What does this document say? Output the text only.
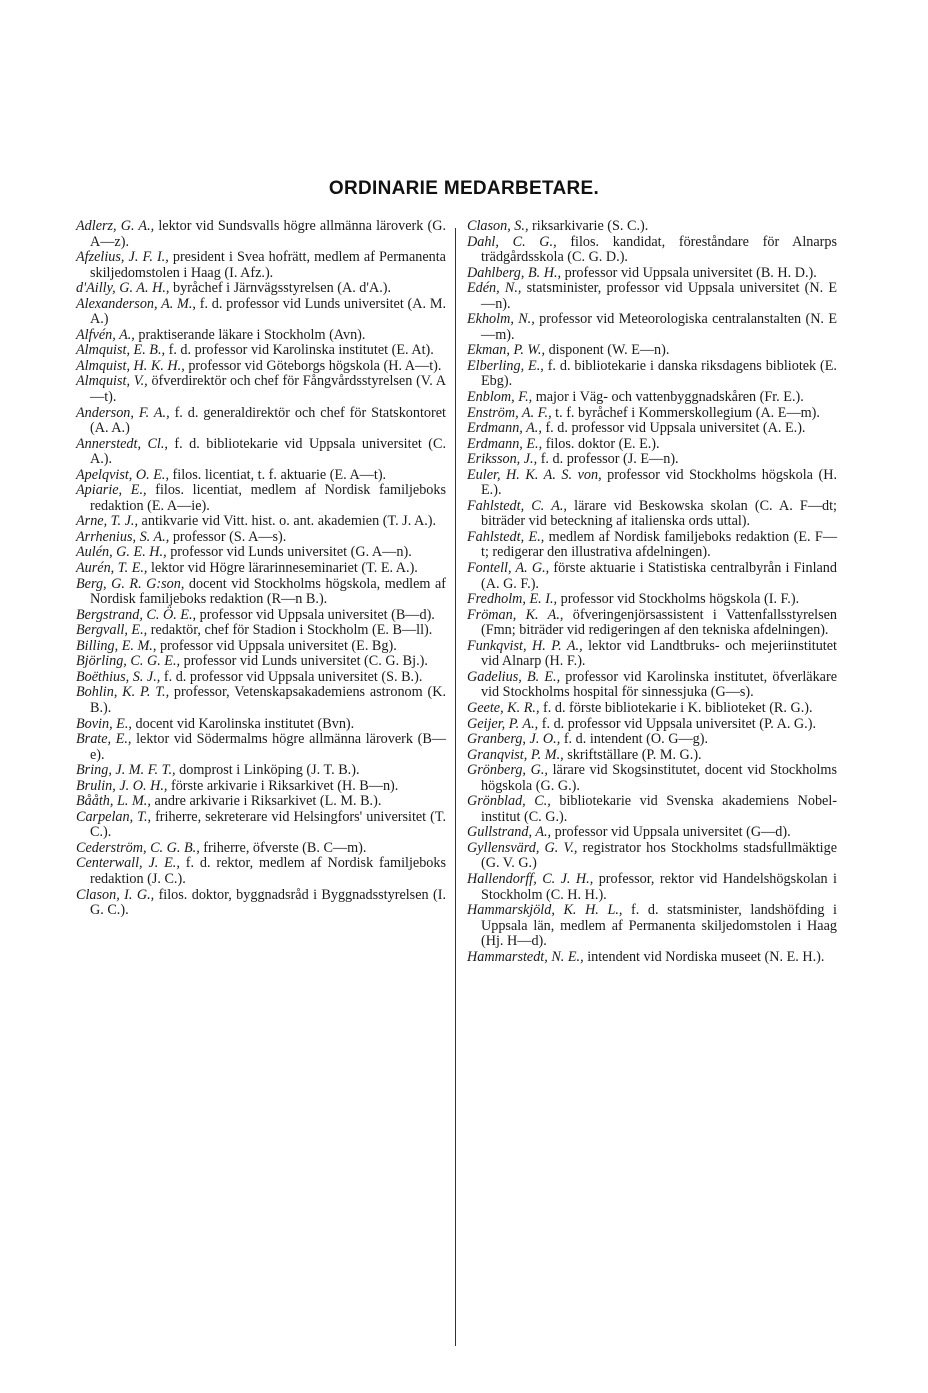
ORDINARIE MEDARBETARE.

Adlerz, G. A., lektor vid Sundsvalls högre allmänna läroverk (G. A—z).

Afzelius, J. F. I., president i Svea hofrätt, medlem af Permanenta skiljedomstolen i Haag (I. Afz.).

d'Ailly, G. A. H., byråchef i Järnvägsstyrelsen (A. d'A.).

Alexanderson, A. M., f. d. professor vid Lunds universitet (A. M. A.)

Alfvén, A., praktiserande läkare i Stockholm (Avn).

Almquist, E. B., f. d. professor vid Karolinska institutet (E. At).

Almquist, H. K. H., professor vid Göteborgs högskola (H. A—t).

Almquist, V., öfverdirektör och chef för Fångvårdsstyrelsen (V. A—t).

Anderson, F. A., f. d. generaldirektör och chef för Statskontoret (A. A.)

Annerstedt, Cl., f. d. bibliotekarie vid Uppsala universitet (C. A.).

Apelqvist, O. E., filos. licentiat, t. f. aktuarie (E. A—t).

Apiarie, E., filos. licentiat, medlem af Nordisk familjeboks redaktion (E. A—ie).

Arne, T. J., antikvarie vid Vitt. hist. o. ant. akademien (T. J. A.).

Arrhenius, S. A., professor (S. A—s).

Aulén, G. E. H., professor vid Lunds universitet (G. A—n).

Aurén, T. E., lektor vid Högre lärarinneseminariet (T. E. A.).

Berg, G. R. G:son, docent vid Stockholms högskola, medlem af Nordisk familjeboks redaktion (R—n B.).

Bergstrand, C. Ö. E., professor vid Uppsala universitet (B—d).

Bergvall, E., redaktör, chef för Stadion i Stockholm (E. B—ll).

Billing, E. M., professor vid Uppsala universitet (E. Bg).

Björling, C. G. E., professor vid Lunds universitet (C. G. Bj.).

Boëthius, S. J., f. d. professor vid Uppsala universitet (S. B.).

Bohlin, K. P. T., professor, Vetenskapsakademiens astronom (K. B.).

Bovin, E., docent vid Karolinska institutet (Bvn).

Brate, E., lektor vid Södermalms högre allmänna läroverk (B—e).

Bring, J. M. F. T., domprost i Linköping (J. T. B.).

Brulin, J. O. H., förste arkivarie i Riksarkivet (H. B—n).

Bååth, L. M., andre arkivarie i Riksarkivet (L. M. B.).

Carpelan, T., friherre, sekreterare vid Helsingfors' universitet (T. C.).

Cederström, C. G. B., friherre, öfverste (B. C—m).

Centerwall, J. E., f. d. rektor, medlem af Nordisk familjeboks redaktion (J. C.).

Clason, I. G., filos. doktor, byggnadsråd i Byggnadsstyrelsen (I. G. C.).

Clason, S., riksarkivarie (S. C.).

Dahl, C. G., filos. kandidat, föreståndare för Alnarps trädgårdsskola (C. G. D.).

Dahlberg, B. H., professor vid Uppsala universitet (B. H. D.).

Edén, N., statsminister, professor vid Uppsala universitet (N. E—n).

Ekholm, N., professor vid Meteorologiska centralanstalten (N. E—m).

Ekman, P. W., disponent (W. E—n).

Elberling, E., f. d. bibliotekarie i danska riksdagens bibliotek (E. Ebg).

Enblom, F., major i Väg- och vattenbyggnadskåren (Fr. E.).

Enström, A. F., t. f. byråchef i Kommerskollegium (A. E—m).

Erdmann, A., f. d. professor vid Uppsala universitet (A. E.).

Erdmann, E., filos. doktor (E. E.).

Eriksson, J., f. d. professor (J. E—n).

Euler, H. K. A. S. von, professor vid Stockholms högskola (H. E.).

Fahlstedt, C. A., lärare vid Beskowska skolan (C. A. F—dt; biträder vid beteckning af italienska ords uttal).

Fahlstedt, E., medlem af Nordisk familjeboks redaktion (E. F—t; redigerar den illustrativa afdelningen).

Fontell, A. G., förste aktuarie i Statistiska centralbyrån i Finland (A. G. F.).

Fredholm, E. I., professor vid Stockholms högskola (I. F.).

Fröman, K. A., öfveringenjörsassistent i Vattenfallsstyrelsen (Fmn; biträder vid redigeringen af den tekniska afdelningen).

Funkqvist, H. P. A., lektor vid Landtbruks- och mejeriinstitutet vid Alnarp (H. F.).

Gadelius, B. E., professor vid Karolinska institutet, öfverläkare vid Stockholms hospital för sinnessjuka (G—s).

Geete, K. R., f. d. förste bibliotekarie i K. biblioteket (R. G.).

Geijer, P. A., f. d. professor vid Uppsala universitet (P. A. G.).

Granberg, J. O., f. d. intendent (O. G—g).

Granqvist, P. M., skriftställare (P. M. G.).

Grönberg, G., lärare vid Skogsinstitutet, docent vid Stockholms högskola (G. G.).

Grönblad, C., bibliotekarie vid Svenska akademiens Nobel-institut (C. G.).

Gullstrand, A., professor vid Uppsala universitet (G—d).

Gyllensvärd, G. V., registrator hos Stockholms stadsfullmäktige (G. V. G.)

Hallendorff, C. J. H., professor, rektor vid Handelshögskolan i Stockholm (C. H. H.).

Hammarskjöld, K. H. L., f. d. statsminister, landshöfding i Uppsala län, medlem af Permanenta skiljedomstolen i Haag (Hj. H—d).

Hammarstedt, N. E., intendent vid Nordiska museet (N. E. H.).
